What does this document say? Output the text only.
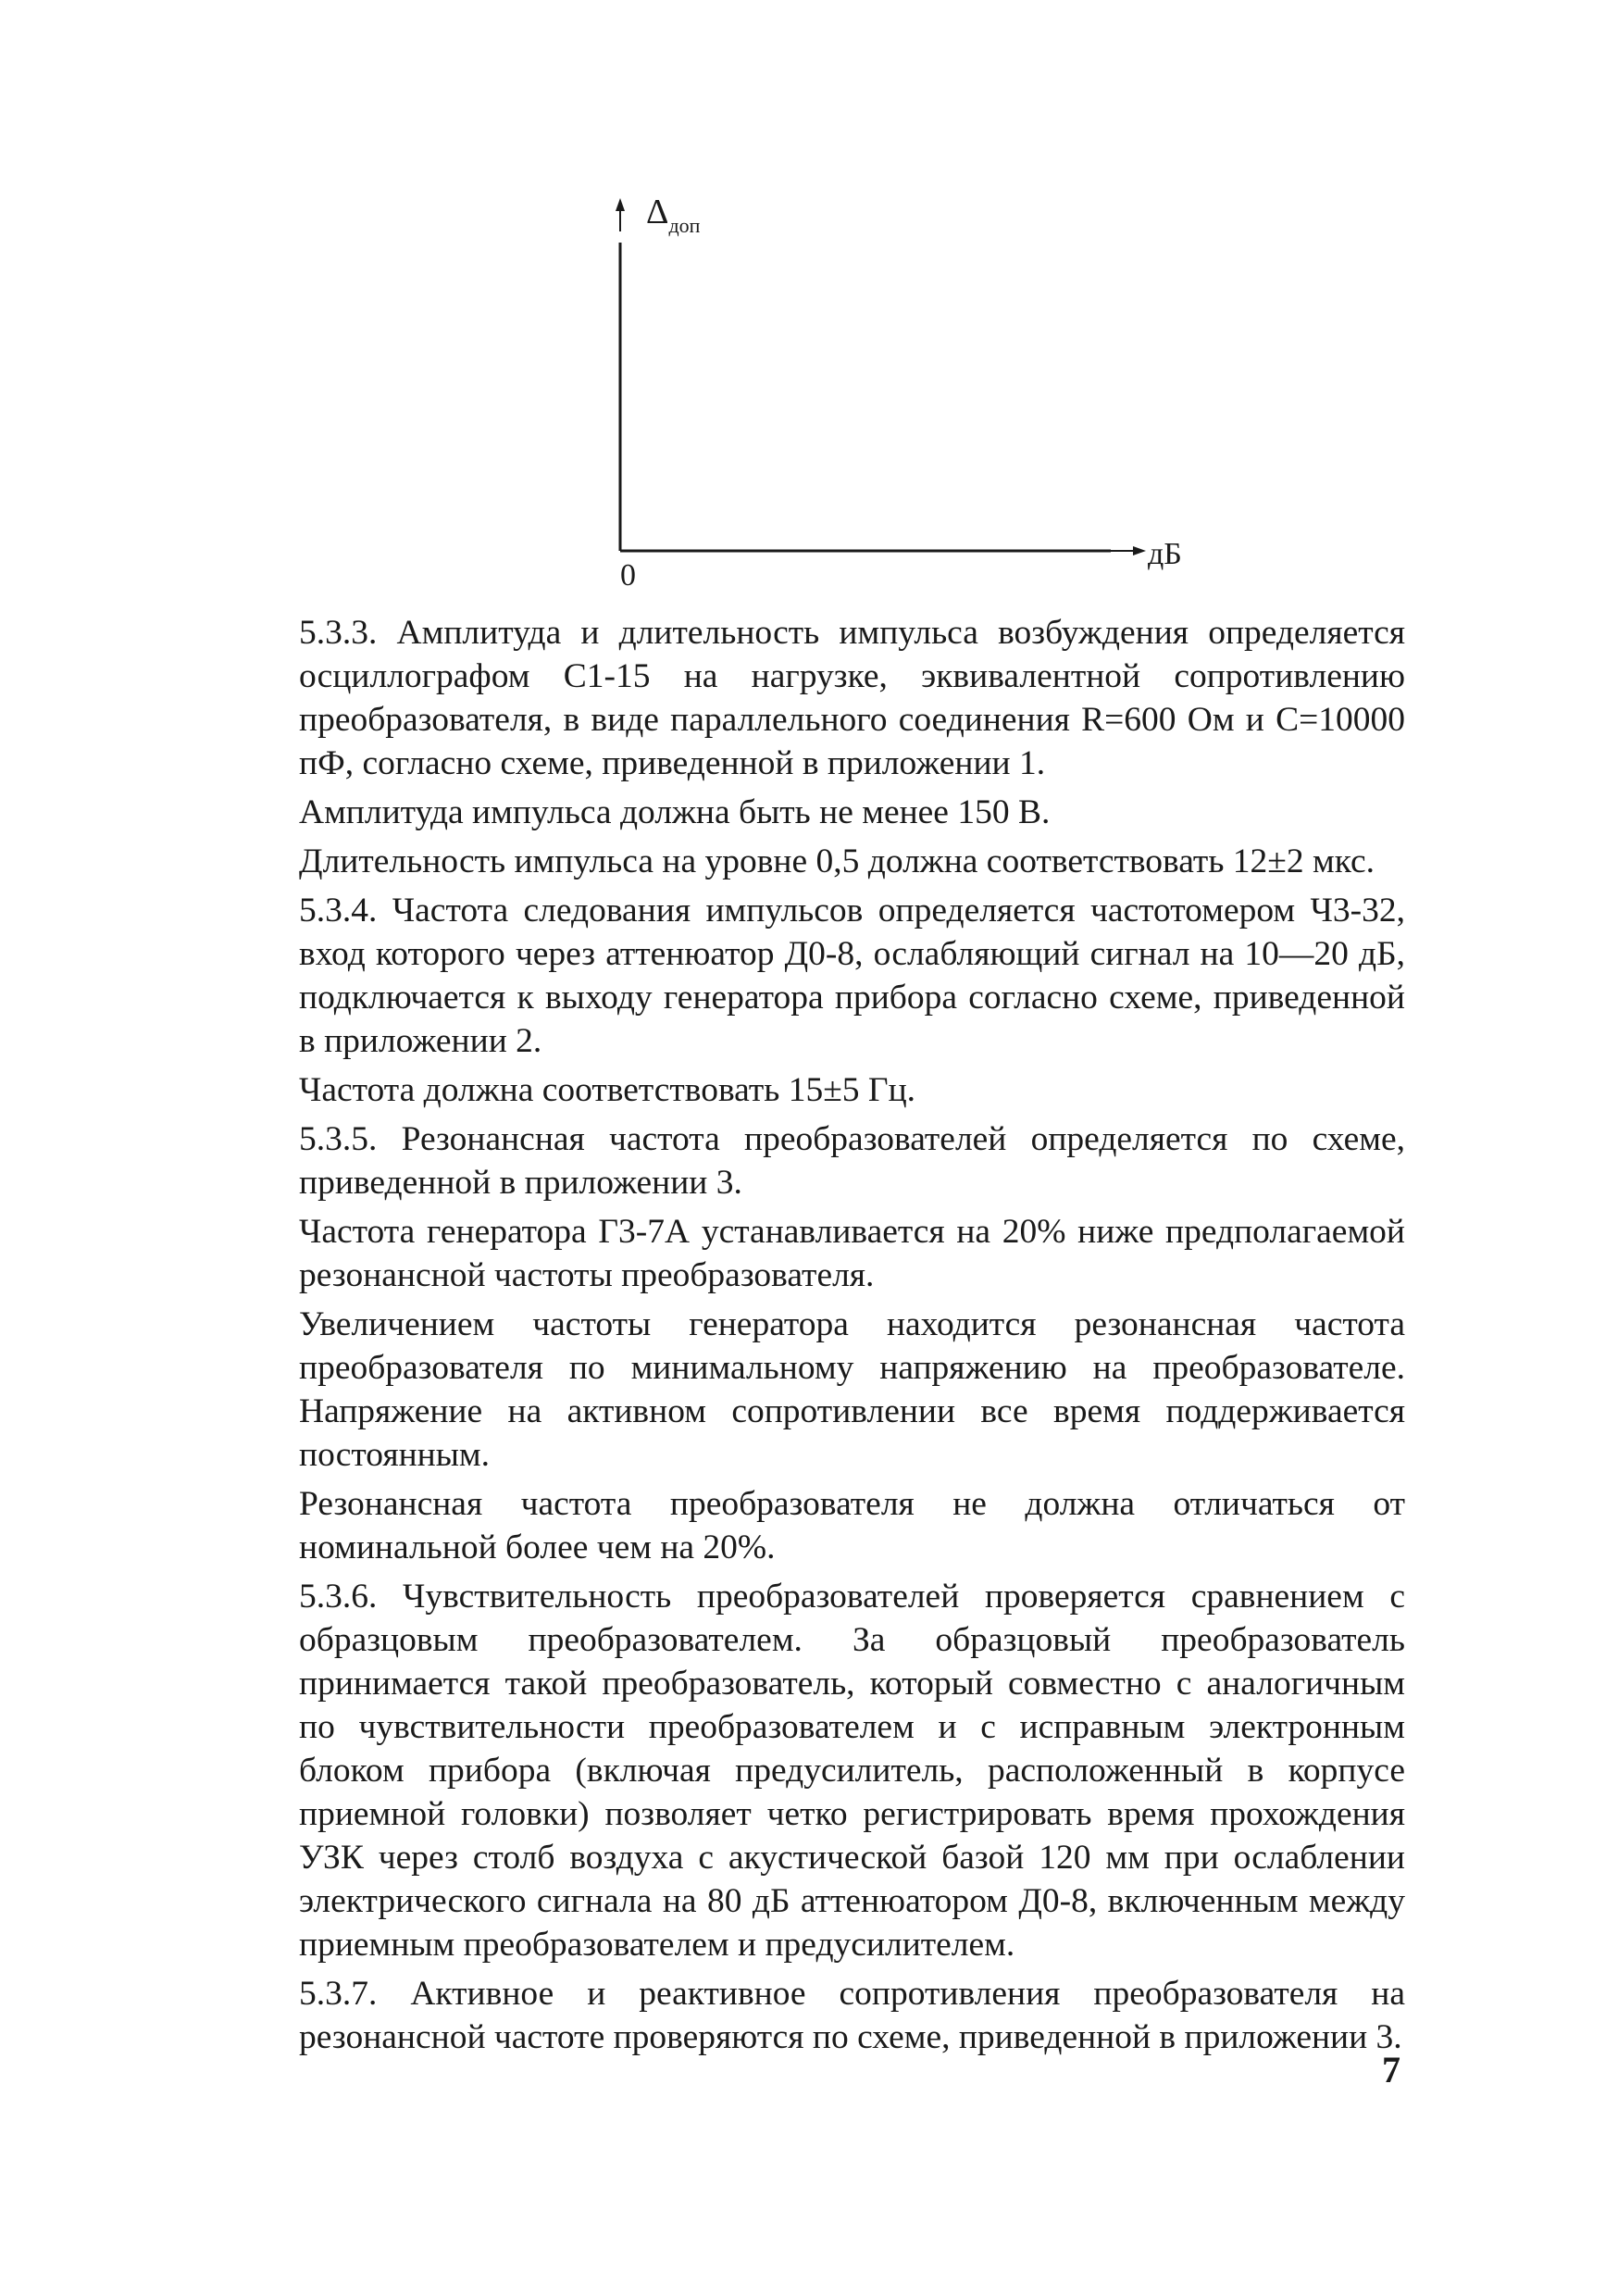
$\Delta_{доп}$
дБ
0

5.3.3. Амплитуда и длительность импульса возбуждения определяется осциллографом С1-15 на нагрузке, эквивалентной сопротивлению преобразователя, в виде параллельного соединения R=600 Ом и С=10000 пФ, согласно схеме, приведенной в приложении 1.

Амплитуда импульса должна быть не менее 150 В.

Длительность импульса на уровне 0,5 должна соответствовать 12±2 мкс.

5.3.4. Частота следования импульсов определяется частотомером Ч3-32, вход которого через аттенюатор Д0-8, ослабляющий сигнал на 10—20 дБ, подключается к выходу генератора прибора согласно схеме, приведенной в приложении 2.

Частота должна соответствовать 15±5 Гц.

5.3.5. Резонансная частота преобразователей определяется по схеме, приведенной в приложении 3.

Частота генератора Г3-7А устанавливается на 20% ниже предполагаемой резонансной частоты преобразователя.

Увеличением частоты генератора находится резонансная частота преобразователя по минимальному напряжению на преобразователе. Напряжение на активном сопротивлении все время поддерживается постоянным.

Резонансная частота преобразователя не должна отличаться от номинальной более чем на 20%.

5.3.6. Чувствительность преобразователей проверяется сравнением с образцовым преобразователем. За образцовый преобразователь принимается такой преобразователь, который совместно с аналогичным по чувствительности преобразователем и с исправным электронным блоком прибора (включая предусилитель, расположенный в корпусе приемной головки) позволяет четко регистрировать время прохождения УЗК через столб воздуха с акустической базой 120 мм при ослаблении электрического сигнала на 80 дБ аттенюатором Д0-8, включенным между приемным преобразователем и предусилителем.

5.3.7. Активное и реактивное сопротивления преобразователя на резонансной частоте проверяются по схеме, приведенной в приложении 3.

7
